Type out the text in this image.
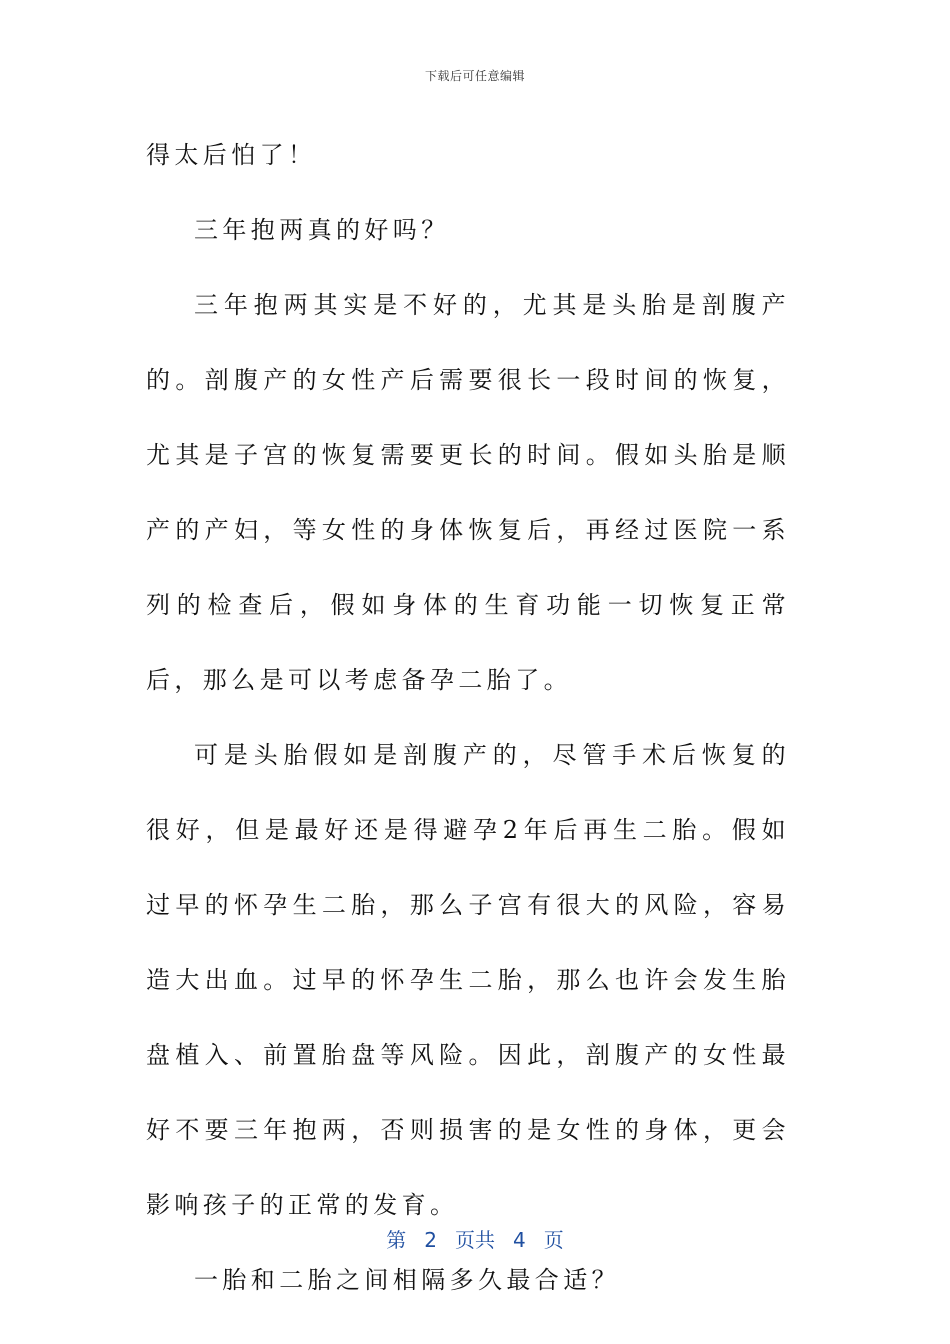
下载后可任意编辑

得太后怕了！

三年抱两真的好吗？

三年抱两其实是不好的，尤其是头胎是剖腹产的。剖腹产的女性产后需要很长一段时间的恢复，尤其是子宫的恢复需要更长的时间。假如头胎是顺产的产妇，等女性的身体恢复后，再经过医院一系列的检查后，假如身体的生育功能一切恢复正常后，那么是可以考虑备孕二胎了。

可是头胎假如是剖腹产的，尽管手术后恢复的很好，但是最好还是得避孕2年后再生二胎。假如过早的怀孕生二胎，那么子宫有很大的风险，容易造大出血。过早的怀孕生二胎，那么也许会发生胎盘植入、前置胎盘等风险。因此，剖腹产的女性最好不要三年抱两，否则损害的是女性的身体，更会影响孩子的正常的发育。

一胎和二胎之间相隔多久最合适？

第 2 页共 4 页
